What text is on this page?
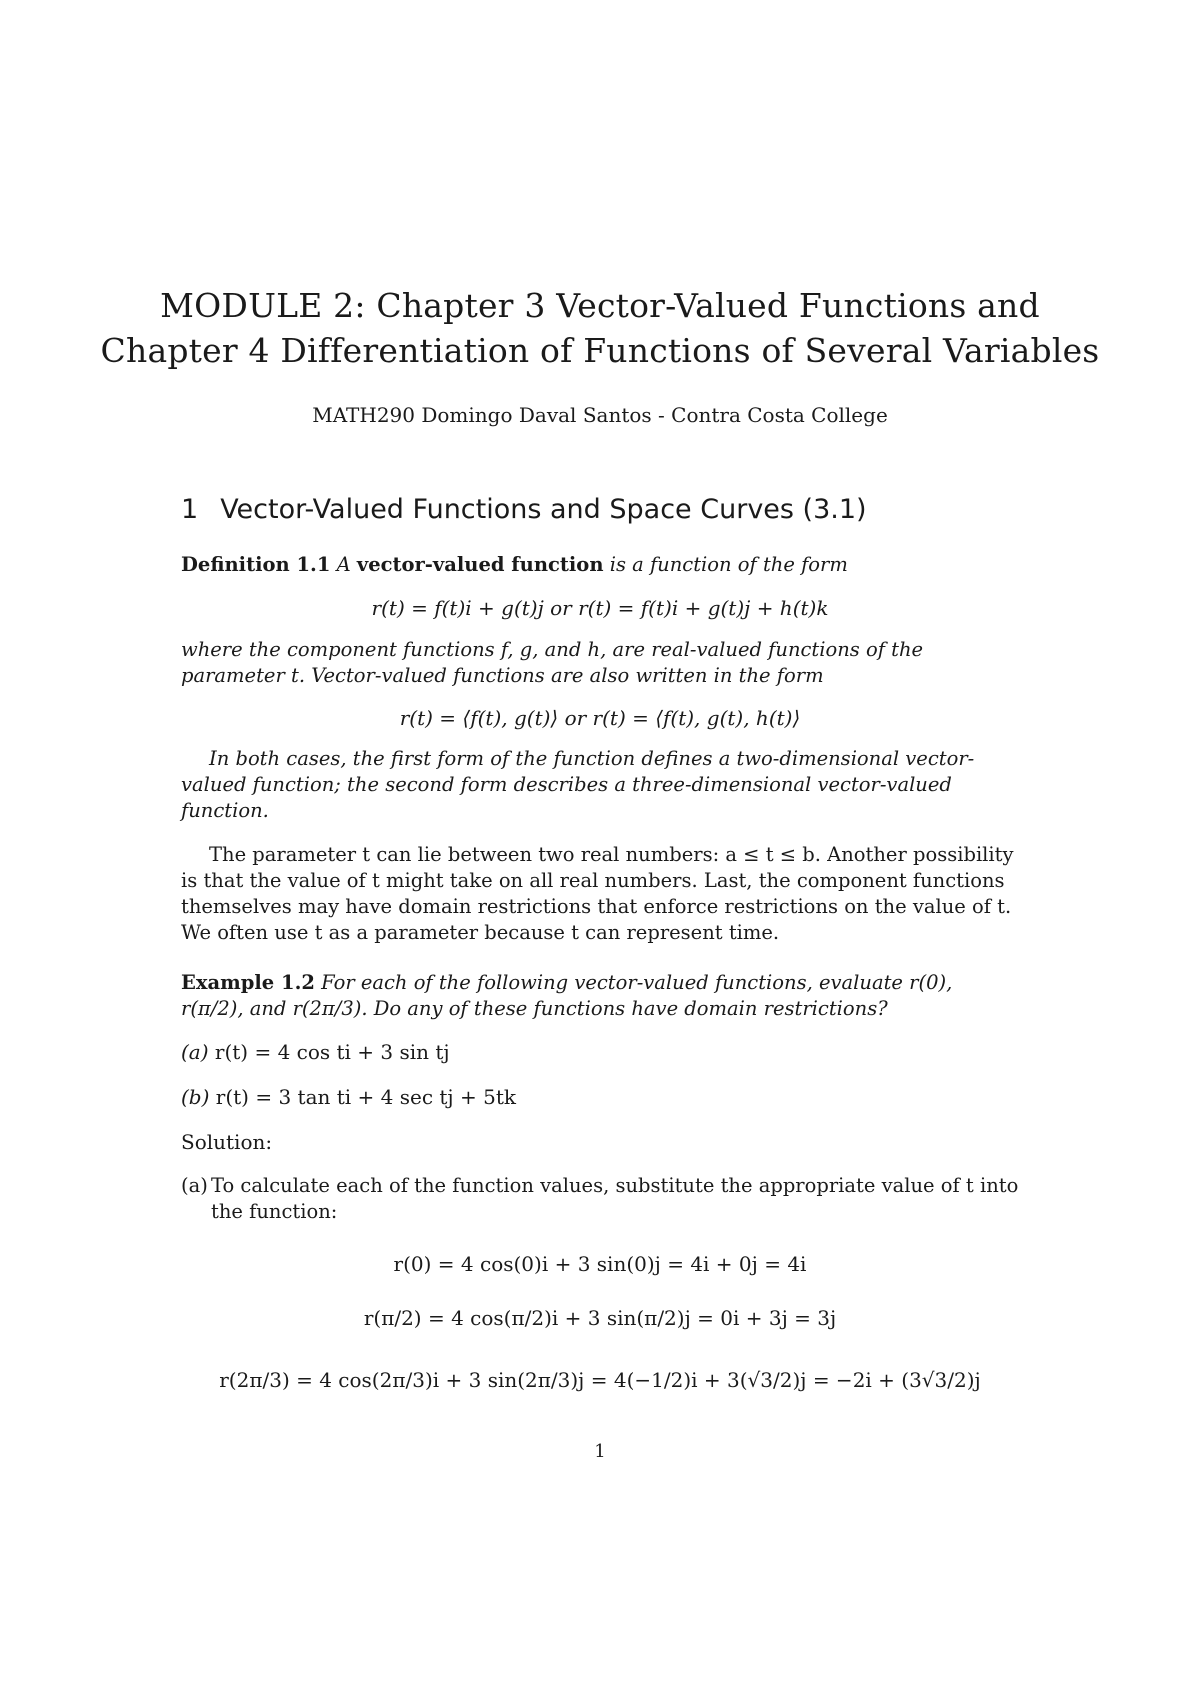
MODULE 2: Chapter 3 Vector-Valued Functions and
Chapter 4 Differentiation of Functions of Several Variables
MATH290 Domingo Daval Santos - Contra Costa College
1 Vector-Valued Functions and Space Curves (3.1)
Definition 1.1 A vector-valued function is a function of the form
r(t) = f(t)i + g(t)j or r(t) = f(t)i + g(t)j + h(t)k
where the component functions f, g, and h, are real-valued functions of the parameter t. Vector-valued functions are also written in the form
r(t) = ⟨f(t), g(t)⟩ or r(t) = ⟨f(t), g(t), h(t)⟩
In both cases, the first form of the function defines a two-dimensional vector-valued function; the second form describes a three-dimensional vector-valued function.
The parameter t can lie between two real numbers: a ≤ t ≤ b. Another possibility is that the value of t might take on all real numbers. Last, the component functions themselves may have domain restrictions that enforce restrictions on the value of t. We often use t as a parameter because t can represent time.
Example 1.2 For each of the following vector-valued functions, evaluate r(0), r(π/2), and r(2π/3). Do any of these functions have domain restrictions?
(a) r(t) = 4 cos ti + 3 sin tj
(b) r(t) = 3 tan ti + 4 sec tj + 5tk
Solution:
(a) To calculate each of the function values, substitute the appropriate value of t into the function:
r(0) = 4 cos(0)i + 3 sin(0)j = 4i + 0j = 4i
r(π/2) = 4 cos(π/2)i + 3 sin(π/2)j = 0i + 3j = 3j
r(2π/3) = 4 cos(2π/3)i + 3 sin(2π/3)j = 4(−1/2)i + 3(√3/2)j = −2i + (3√3/2)j
1
